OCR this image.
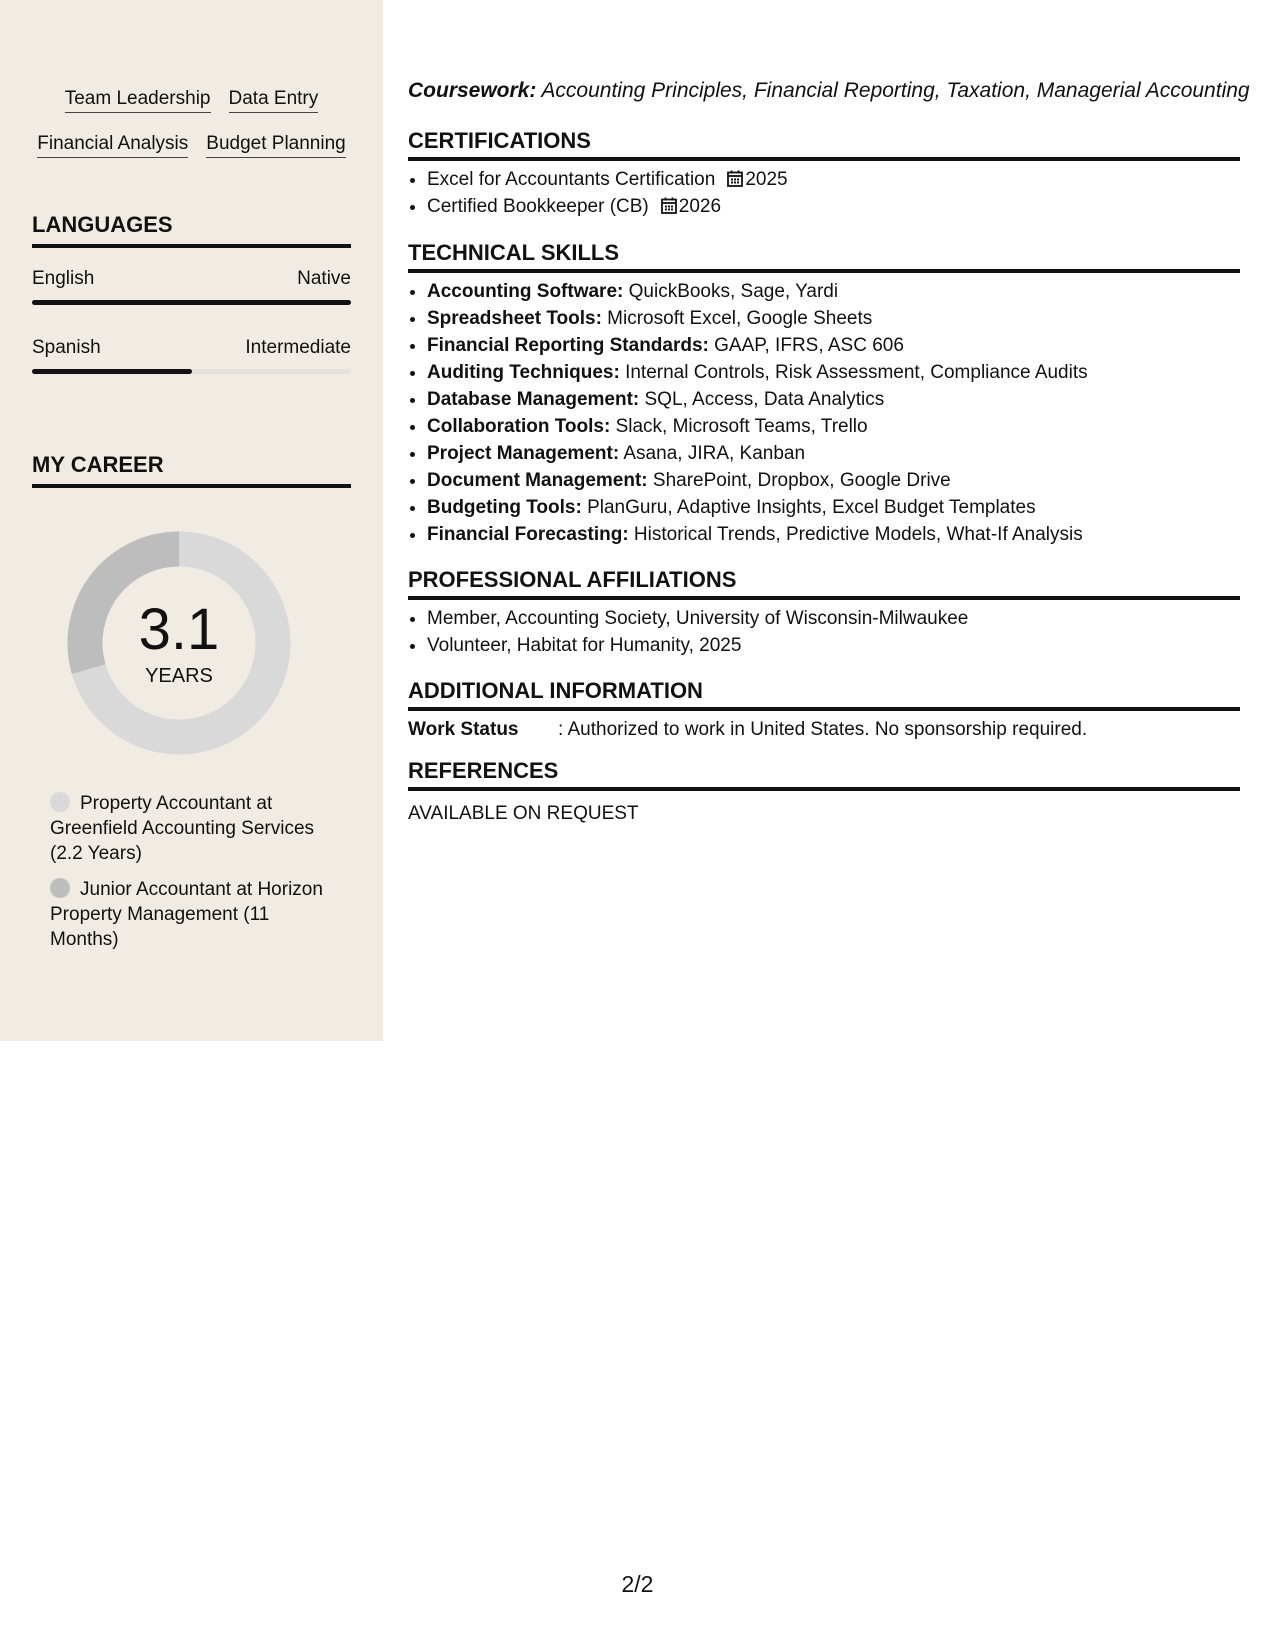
Team Leadership Data Entry
Financial Analysis Budget Planning
LANGUAGES
English	Native
Spanish	Intermediate
MY CAREER
3.1
YEARS
Property Accountant at Greenfield Accounting Services (2.2 Years)
Junior Accountant at Horizon Property Management (11 Months)
Coursework: Accounting Principles, Financial Reporting, Taxation, Managerial Accounting
CERTIFICATIONS
• Excel for Accountants Certification 2025
• Certified Bookkeeper (CB) 2026
TECHNICAL SKILLS
• Accounting Software: QuickBooks, Sage, Yardi
• Spreadsheet Tools: Microsoft Excel, Google Sheets
• Financial Reporting Standards: GAAP, IFRS, ASC 606
• Auditing Techniques: Internal Controls, Risk Assessment, Compliance Audits
• Database Management: SQL, Access, Data Analytics
• Collaboration Tools: Slack, Microsoft Teams, Trello
• Project Management: Asana, JIRA, Kanban
• Document Management: SharePoint, Dropbox, Google Drive
• Budgeting Tools: PlanGuru, Adaptive Insights, Excel Budget Templates
• Financial Forecasting: Historical Trends, Predictive Models, What-If Analysis
PROFESSIONAL AFFILIATIONS
• Member, Accounting Society, University of Wisconsin-Milwaukee
• Volunteer, Habitat for Humanity, 2025
ADDITIONAL INFORMATION
Work Status : Authorized to work in United States. No sponsorship required.
REFERENCES
AVAILABLE ON REQUEST
2/2
